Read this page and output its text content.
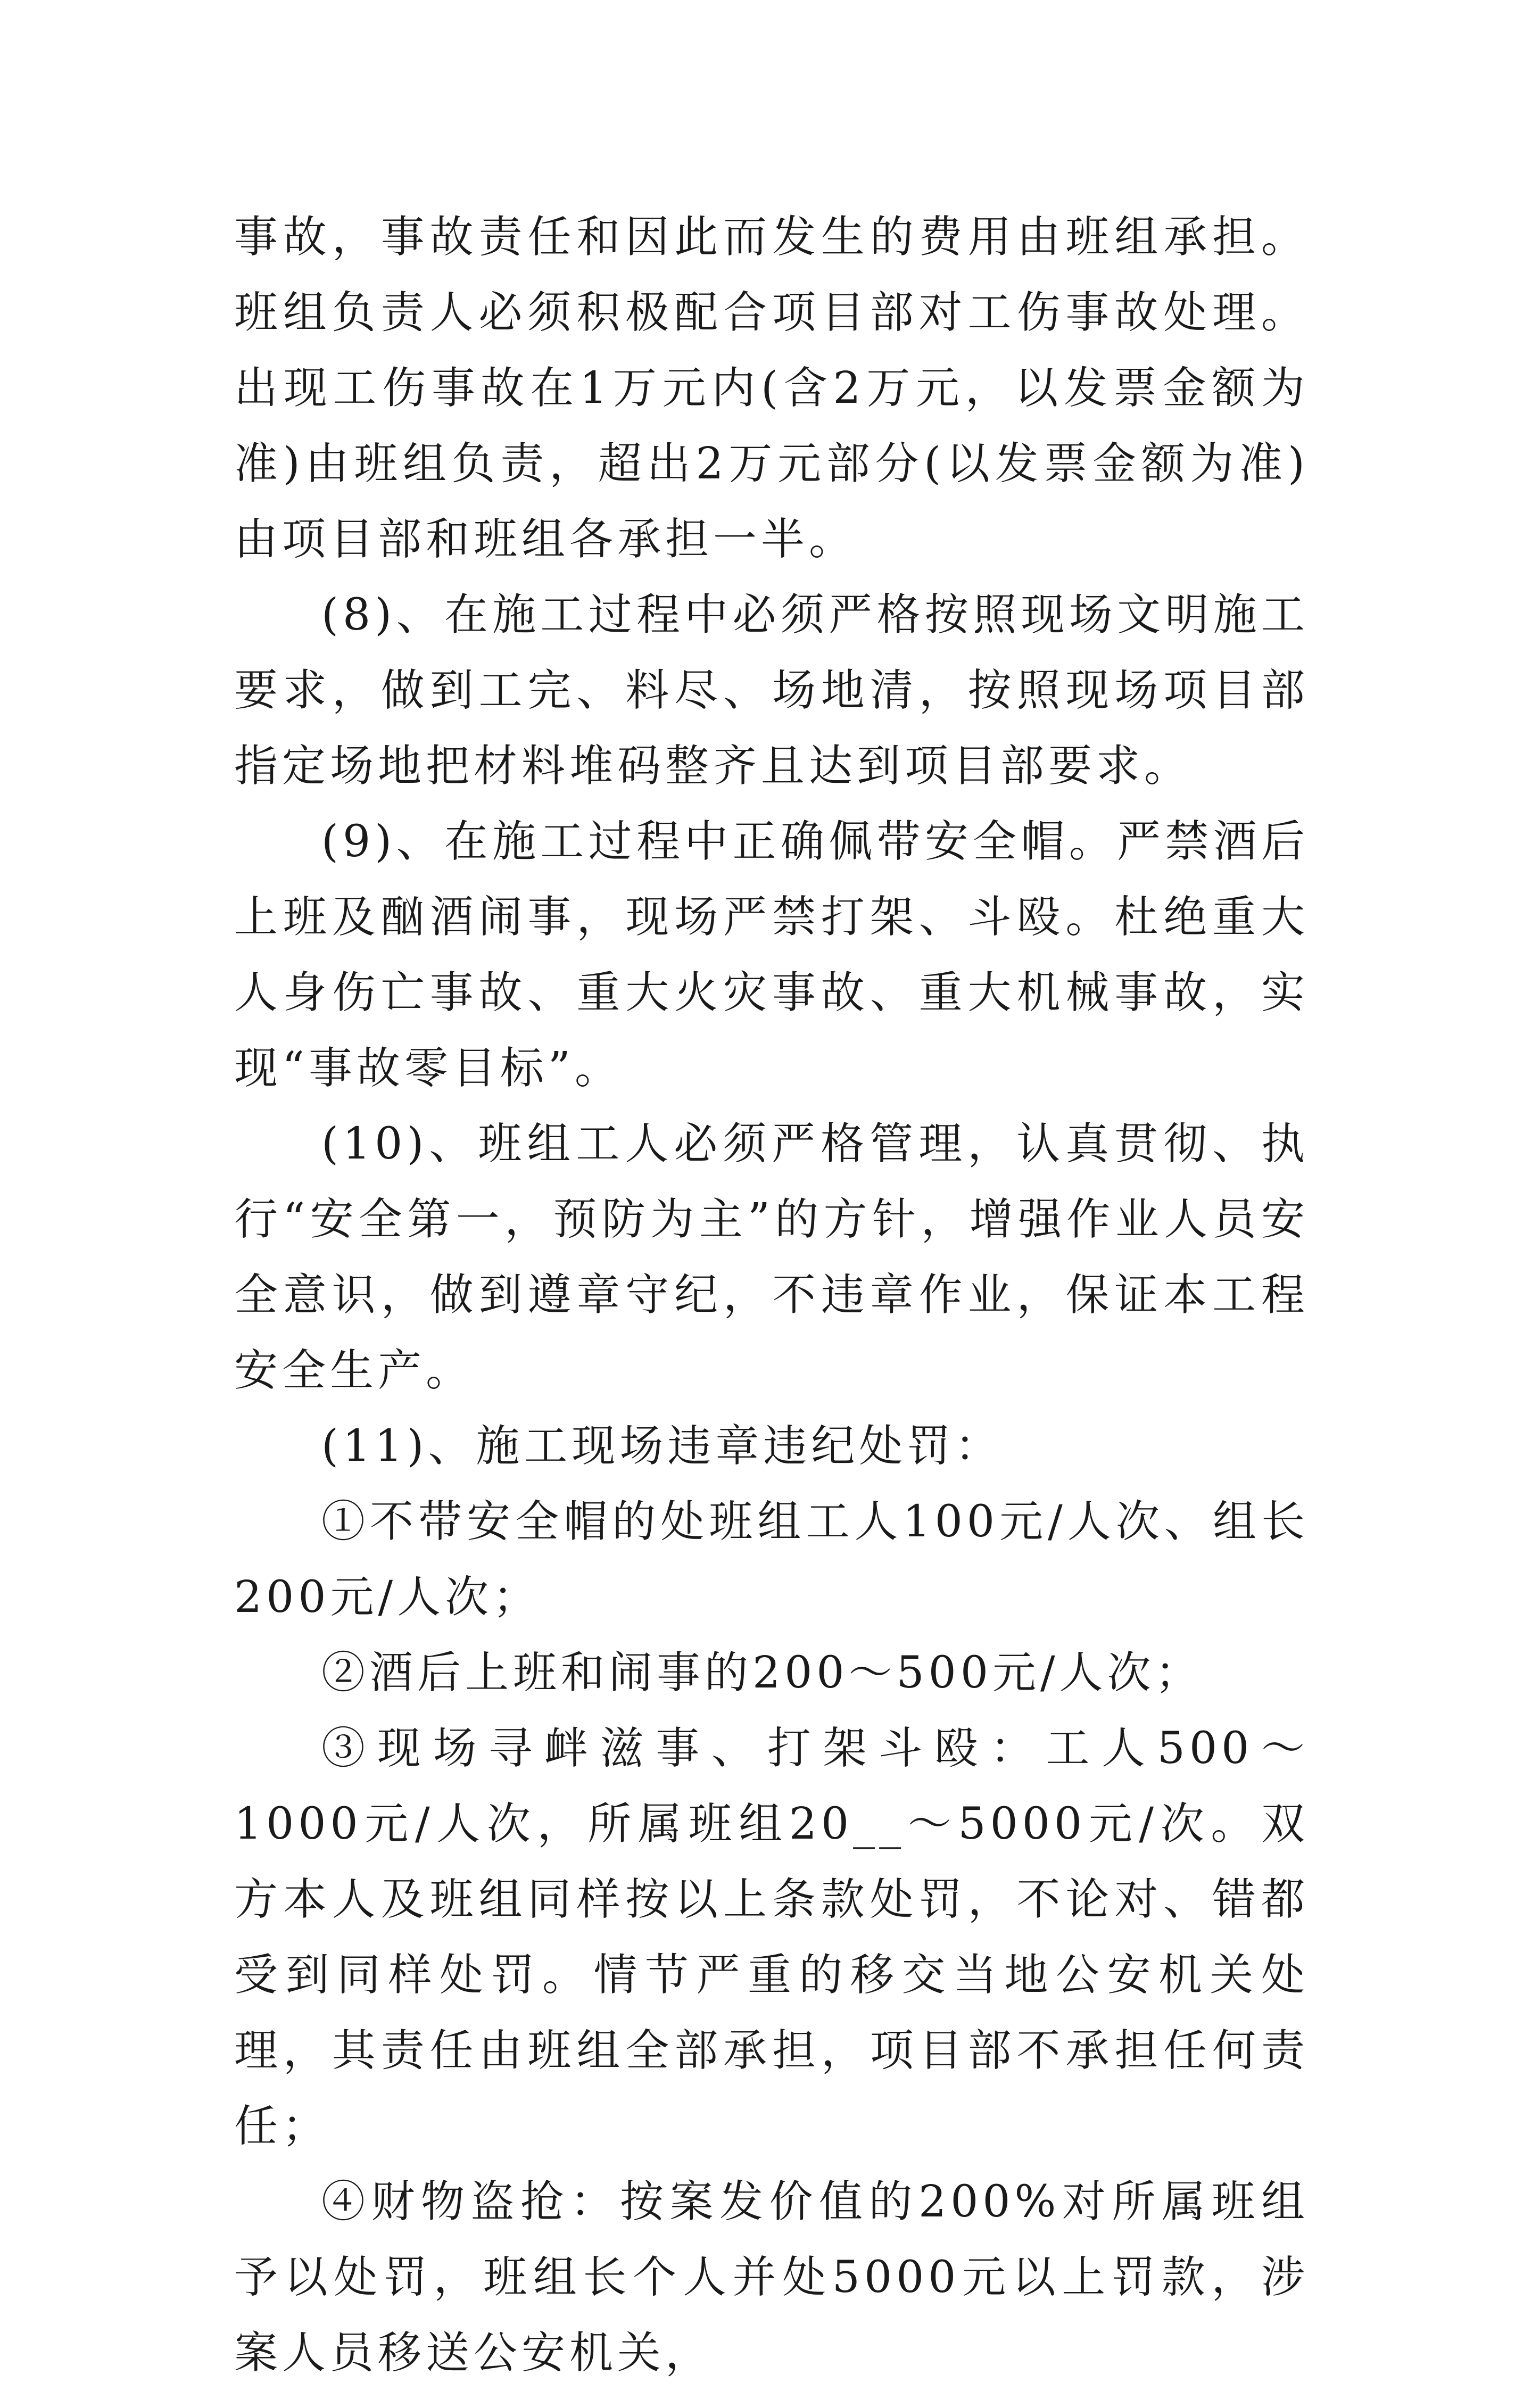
事故，事故责任和因此而发生的费用由班组承担。班组负责人必须积极配合项目部对工伤事故处理。出现工伤事故在1万元内(含2万元，以发票金额为准)由班组负责，超出2万元部分(以发票金额为准)由项目部和班组各承担一半。

(8)、在施工过程中必须严格按照现场文明施工要求，做到工完、料尽、场地清，按照现场项目部指定场地把材料堆码整齐且达到项目部要求。

(9)、在施工过程中正确佩带安全帽。严禁酒后上班及酗酒闹事，现场严禁打架、斗殴。杜绝重大人身伤亡事故、重大火灾事故、重大机械事故，实现“事故零目标”。

(10)、班组工人必须严格管理，认真贯彻、执行“安全第一，预防为主”的方针，增强作业人员安全意识，做到遵章守纪，不违章作业，保证本工程安全生产。

(11)、施工现场违章违纪处罚：

①不带安全帽的处班组工人100元/人次、组长200元/人次；

②酒后上班和闹事的200～500元/人次；

③现场寻衅滋事、打架斗殴：工人500～1000元/人次，所属班组20__～5000元/次。双方本人及班组同样按以上条款处罚，不论对、错都受到同样处罚。情节严重的移交当地公安机关处理，其责任由班组全部承担，项目部不承担任何责任；

④财物盗抢：按案发价值的200%对所属班组予以处罚，班组长个人并处5000元以上罚款，涉案人员移送公安机关，
